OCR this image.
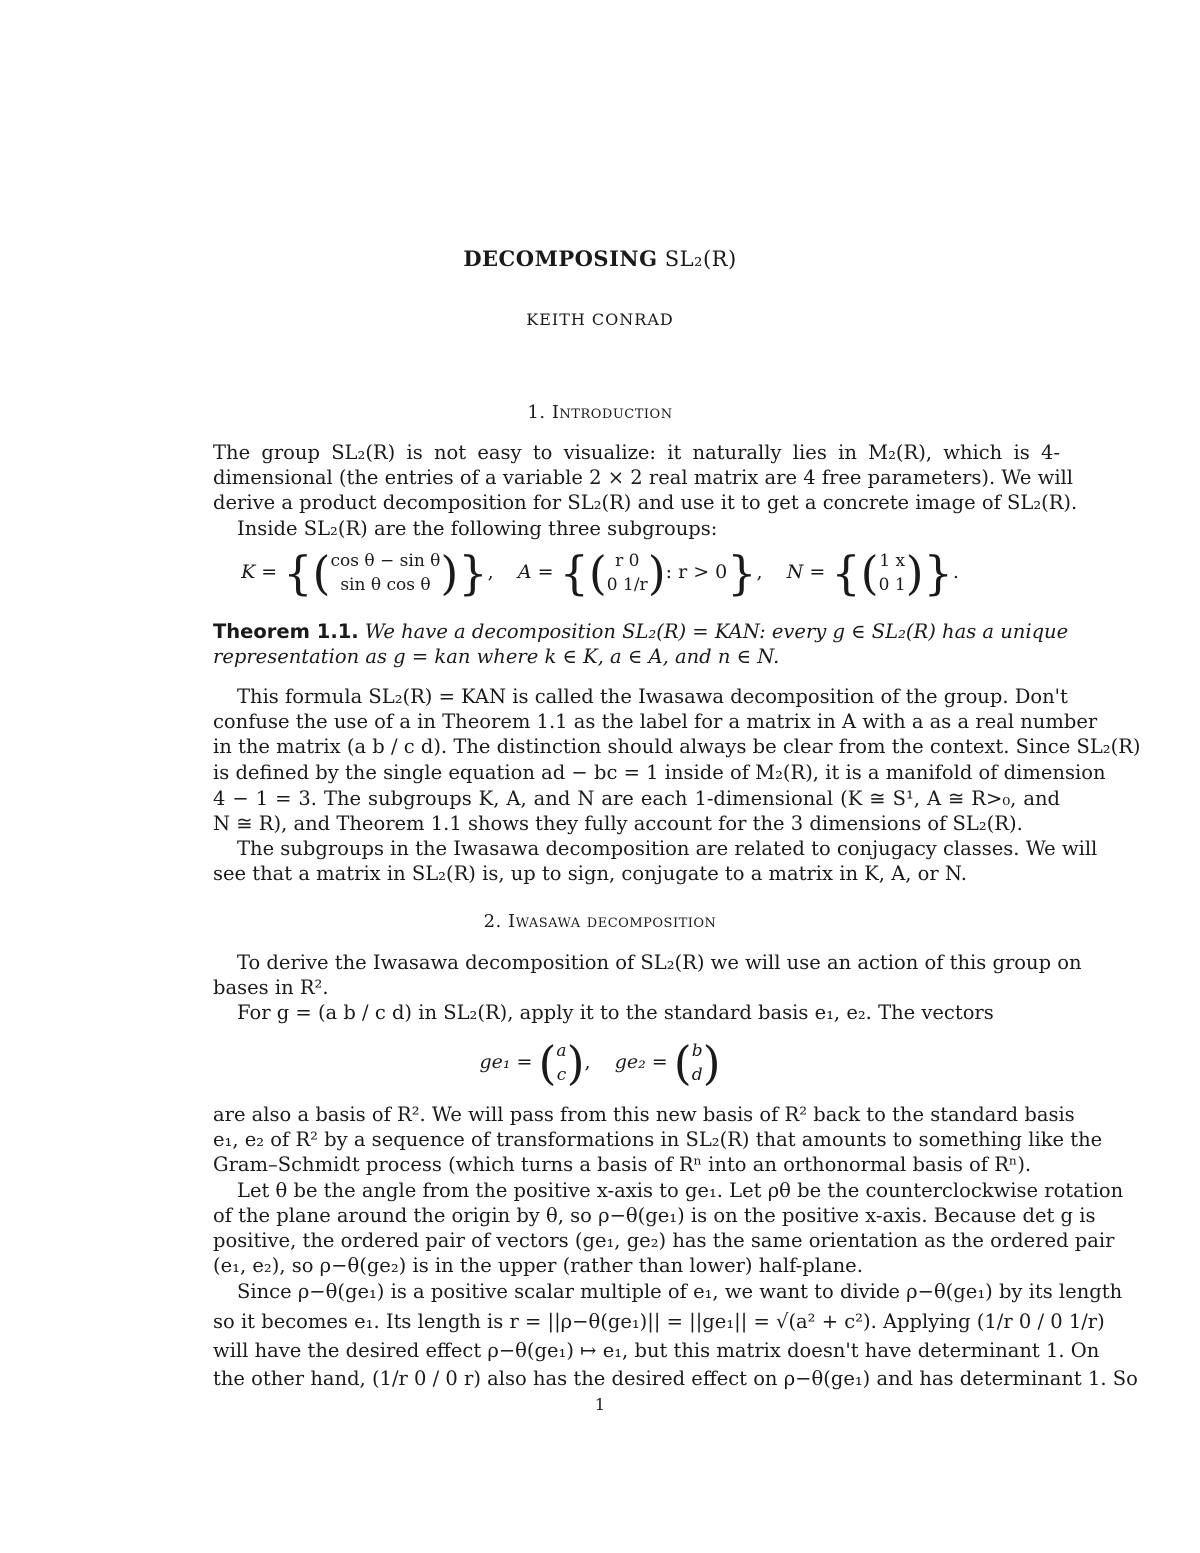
DECOMPOSING SL₂(R)
KEITH CONRAD
1. Introduction
The group SL₂(R) is not easy to visualize: it naturally lies in M₂(R), which is 4-
dimensional (the entries of a variable 2 × 2 real matrix are 4 free parameters). We will
derive a product decomposition for SL₂(R) and use it to get a concrete image of SL₂(R).
Inside SL₂(R) are the following three subgroups:
K = {(cos θ − sin θ
sin θ cos θ )},    A = {( r 0
0 1/r): r > 0},    N = {(1 x
0 1)}.
Theorem 1.1. We have a decomposition SL₂(R) = KAN: every g ∈ SL₂(R) has a unique
representation as g = kan where k ∈ K, a ∈ A, and n ∈ N.
This formula SL₂(R) = KAN is called the Iwasawa decomposition of the group. Don't
confuse the use of a in Theorem 1.1 as the label for a matrix in A with a as a real number
in the matrix (a b / c d). The distinction should always be clear from the context. Since SL₂(R)
is defined by the single equation ad − bc = 1 inside of M₂(R), it is a manifold of dimension
4 − 1 = 3. The subgroups K, A, and N are each 1-dimensional (K ≅ S¹, A ≅ R>₀, and
N ≅ R), and Theorem 1.1 shows they fully account for the 3 dimensions of SL₂(R).
The subgroups in the Iwasawa decomposition are related to conjugacy classes. We will
see that a matrix in SL₂(R) is, up to sign, conjugate to a matrix in K, A, or N.
2. Iwasawa decomposition
To derive the Iwasawa decomposition of SL₂(R) we will use an action of this group on
bases in R².
For g = (a b / c d) in SL₂(R), apply it to the standard basis e₁, e₂. The vectors
ge₁ = (a
c),    ge₂ = (b
d)
are also a basis of R². We will pass from this new basis of R² back to the standard basis
e₁, e₂ of R² by a sequence of transformations in SL₂(R) that amounts to something like the
Gram–Schmidt process (which turns a basis of Rⁿ into an orthonormal basis of Rⁿ).
Let θ be the angle from the positive x-axis to ge₁. Let ρθ be the counterclockwise rotation
of the plane around the origin by θ, so ρ−θ(ge₁) is on the positive x-axis. Because det g is
positive, the ordered pair of vectors (ge₁, ge₂) has the same orientation as the ordered pair
(e₁, e₂), so ρ−θ(ge₂) is in the upper (rather than lower) half-plane.
Since ρ−θ(ge₁) is a positive scalar multiple of e₁, we want to divide ρ−θ(ge₁) by its length
so it becomes e₁. Its length is r = ||ρ−θ(ge₁)|| = ||ge₁|| = √(a² + c²). Applying (1/r 0 / 0 1/r)
will have the desired effect ρ−θ(ge₁) ↦ e₁, but this matrix doesn't have determinant 1. On
the other hand, (1/r 0 / 0 r) also has the desired effect on ρ−θ(ge₁) and has determinant 1. So
1
